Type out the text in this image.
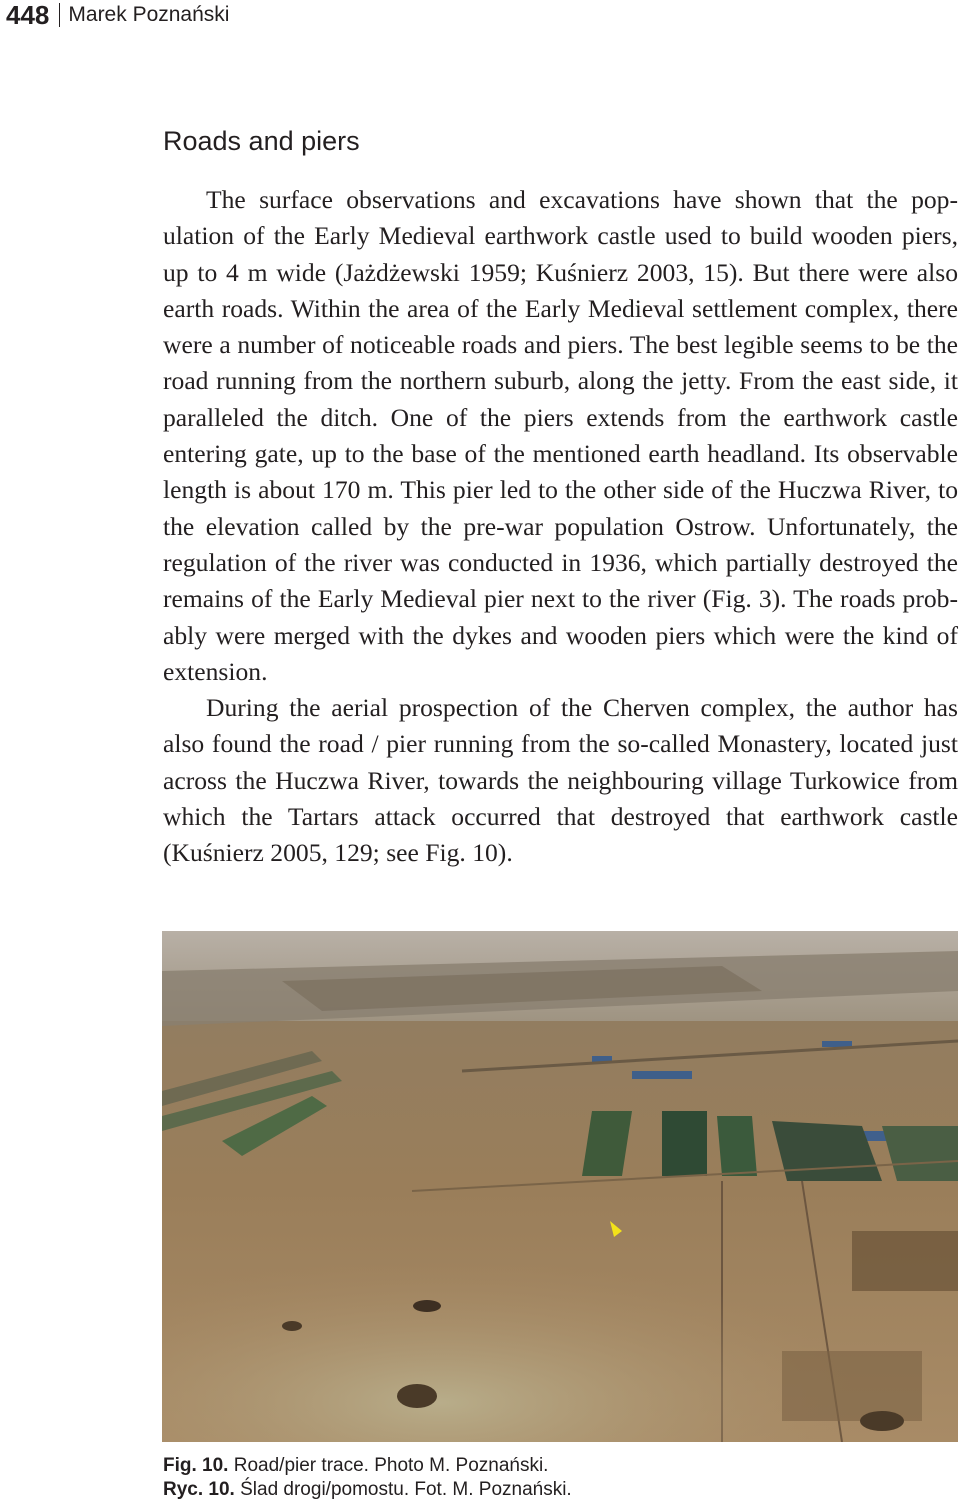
448 Marek Poznański
Roads and piers

The surface observations and excavations have shown that the population of the Early Medieval earthwork castle used to build wooden piers, up to 4 m wide (Jażdżewski 1959; Kuśnierz 2003, 15). But there were also earth roads. Within the area of the Early Medieval settlement complex, there were a number of noticeable roads and piers. The best legible seems to be the road running from the northern suburb, along the jetty. From the east side, it paralleled the ditch. One of the piers extends from the earthwork castle entering gate, up to the base of the mentioned earth headland. Its observable length is about 170 m. This pier led to the other side of the Huczwa River, to the elevation called by the pre-war population Ostrow. Unfortunately, the regulation of the river was conducted in 1936, which partially destroyed the remains of the Early Medieval pier next to the river (Fig. 3). The roads probably were merged with the dykes and wooden piers which were the kind of extension.

During the aerial prospection of the Cherven complex, the author has also found the road / pier running from the so-called Monastery, located just across the Huczwa River, towards the neighbouring village Turkowice from which the Tartars attack occurred that destroyed that earthwork castle (Kuśnierz 2005, 129; see Fig. 10).

Fig. 10. Road/pier trace. Photo M. Poznański.
Ryc. 10. Ślad drogi/pomostu. Fot. M. Poznański.
